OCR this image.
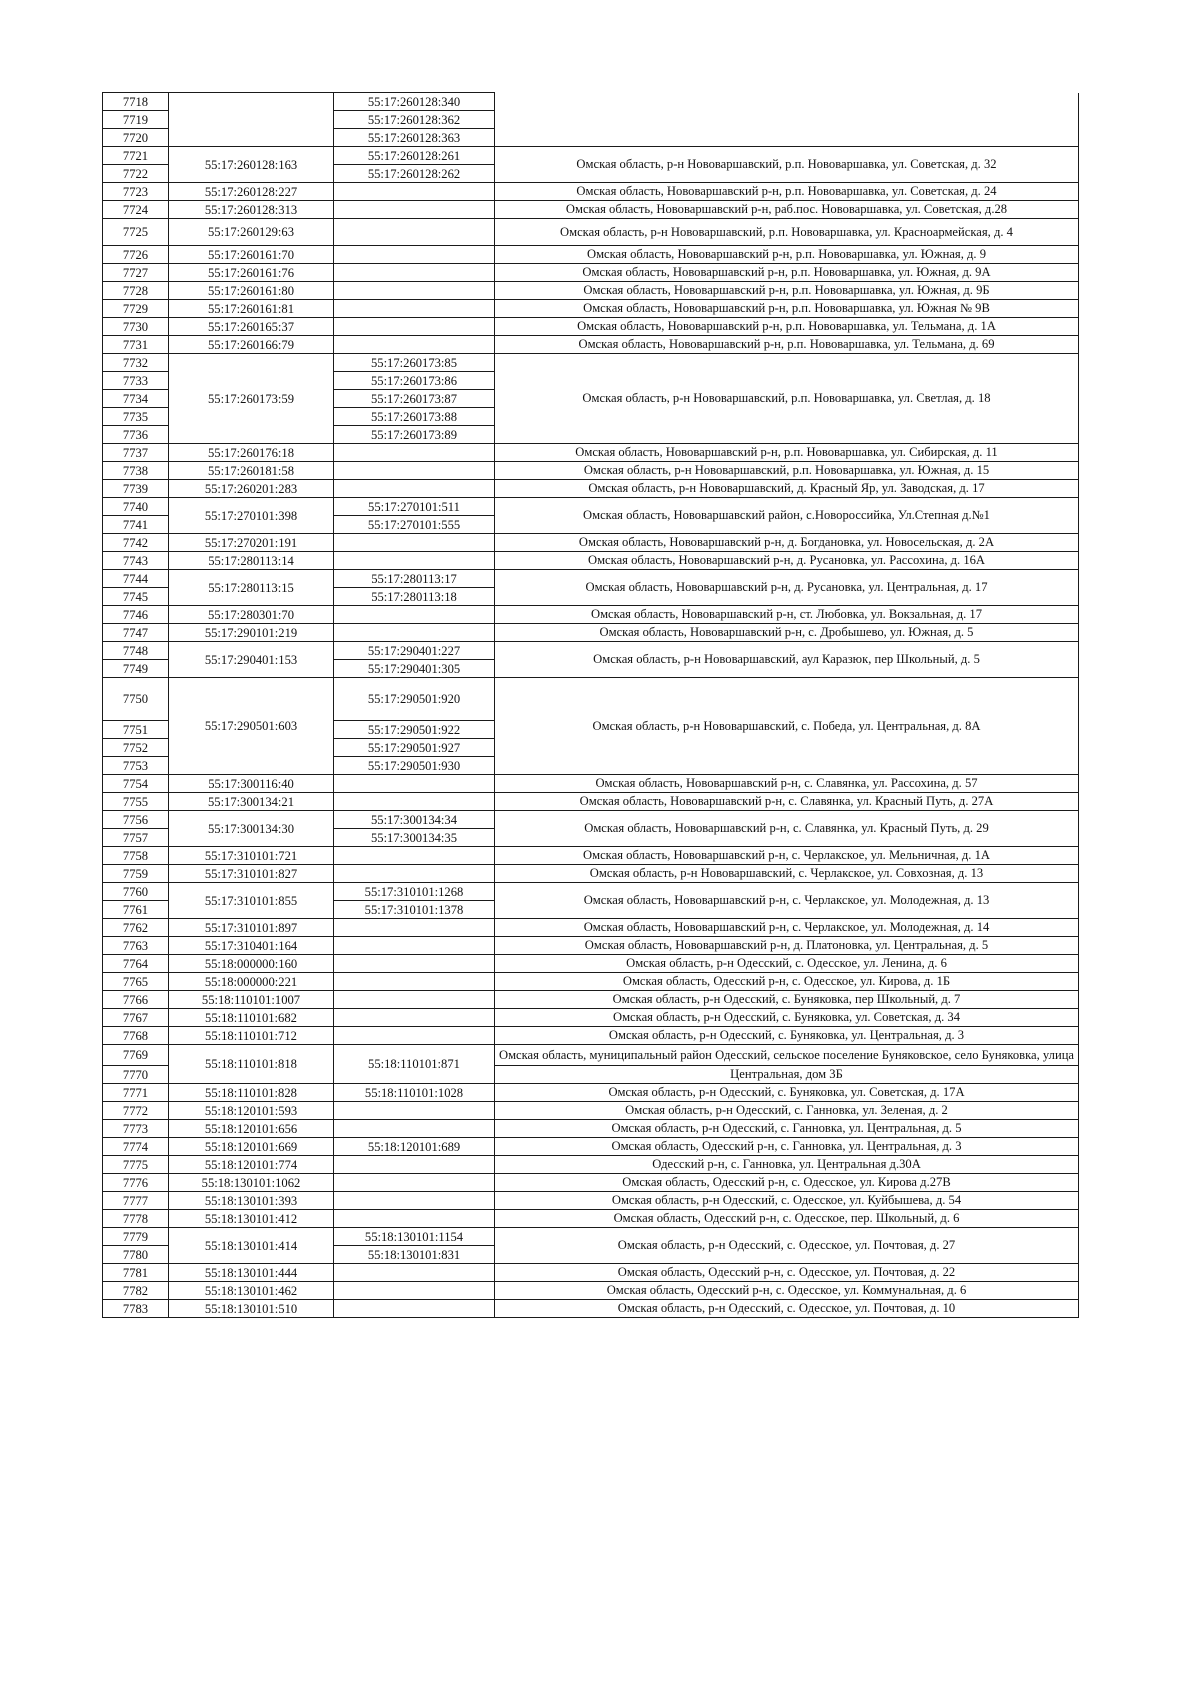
7718		55:17:260128:340	
7719		55:17:260128:362	
7720		55:17:260128:363	
7721	55:17:260128:163	55:17:260128:261	Омская область, р-н Нововаршавский, р.п. Нововаршавка, ул. Советская, д. 32
7722		55:17:260128:262	
7723	55:17:260128:227		Омская область, Нововаршавский р-н, р.п. Нововаршавка, ул. Советская, д. 24
7724	55:17:260128:313		Омская область, Нововаршавский р-н, раб.пос. Нововаршавка, ул. Советская, д.28
7725	55:17:260129:63		Омская область, р-н Нововаршавский, р.п. Нововаршавка, ул. Красноармейская, д. 4
7726	55:17:260161:70		Омская область, Нововаршавский р-н, р.п. Нововаршавка, ул. Южная, д. 9
7727	55:17:260161:76		Омская область, Нововаршавский р-н, р.п. Нововаршавка, ул. Южная, д. 9А
7728	55:17:260161:80		Омская область, Нововаршавский р-н, р.п. Нововаршавка, ул. Южная, д. 9Б
7729	55:17:260161:81		Омская область, Нововаршавский р-н, р.п. Нововаршавка, ул. Южная № 9В
7730	55:17:260165:37		Омская область, Нововаршавский р-н, р.п. Нововаршавка, ул. Тельмана, д. 1А
7731	55:17:260166:79		Омская область, Нововаршавский р-н, р.п. Нововаршавка, ул. Тельмана, д. 69
7732	55:17:260173:59	55:17:260173:85	Омская область, р-н Нововаршавский, р.п. Нововаршавка, ул. Светлая, д. 18
7733		55:17:260173:86	
7734		55:17:260173:87	
7735		55:17:260173:88	
7736		55:17:260173:89	
7737	55:17:260176:18		Омская область, Нововаршавский р-н, р.п. Нововаршавка, ул. Сибирская, д. 11
7738	55:17:260181:58		Омская область, р-н Нововаршавский, р.п. Нововаршавка, ул. Южная, д. 15
7739	55:17:260201:283		Омская область, р-н Нововаршавский, д. Красный Яр, ул. Заводская, д. 17
7740	55:17:270101:398	55:17:270101:511	Омская область, Нововаршавский район, с.Новороссийка, Ул.Степная д.№1
7741		55:17:270101:555	
7742	55:17:270201:191		Омская область, Нововаршавский р-н, д. Богдановка, ул. Новосельская, д. 2А
7743	55:17:280113:14		Омская область, Нововаршавский р-н, д. Русановка, ул. Рассохина, д. 16А
7744	55:17:280113:15	55:17:280113:17	Омская область, Нововаршавский р-н, д. Русановка, ул. Центральная, д. 17
7745		55:17:280113:18	
7746	55:17:280301:70		Омская область, Нововаршавский р-н, ст. Любовка, ул. Вокзальная, д. 17
7747	55:17:290101:219		Омская область, Нововаршавский р-н, с. Дробышево, ул. Южная, д. 5
7748	55:17:290401:153	55:17:290401:227	Омская область, р-н Нововаршавский, аул Каразюк, пер Школьный, д. 5
7749		55:17:290401:305	
7750	55:17:290501:603	55:17:290501:920	Омская область, р-н Нововаршавский, с. Победа, ул. Центральная, д. 8А
7751		55:17:290501:922	
7752		55:17:290501:927	
7753		55:17:290501:930	
7754	55:17:300116:40		Омская область, Нововаршавский р-н, с. Славянка, ул. Рассохина, д. 57
7755	55:17:300134:21		Омская область, Нововаршавский р-н, с. Славянка, ул. Красный Путь, д. 27А
7756	55:17:300134:30	55:17:300134:34	Омская область, Нововаршавский р-н, с. Славянка, ул. Красный Путь, д. 29
7757		55:17:300134:35	
7758	55:17:310101:721		Омская область, Нововаршавский р-н, с. Черлакское, ул. Мельничная, д. 1А
7759	55:17:310101:827		Омская область, р-н Нововаршавский, с. Черлакское, ул. Совхозная, д. 13
7760	55:17:310101:855	55:17:310101:1268	Омская область, Нововаршавский р-н, с. Черлакское, ул. Молодежная, д. 13
7761		55:17:310101:1378	
7762	55:17:310101:897		Омская область, Нововаршавский р-н, с. Черлакское, ул. Молодежная, д. 14
7763	55:17:310401:164		Омская область, Нововаршавский р-н, д. Платоновка, ул. Центральная, д. 5
7764	55:18:000000:160		Омская область, р-н Одесский, с. Одесское, ул. Ленина, д. 6
7765	55:18:000000:221		Омская область, Одесский р-н, с. Одесское, ул. Кирова, д. 1Б
7766	55:18:110101:1007		Омская область, р-н Одесский, с. Буняковка, пер Школьный, д. 7
7767	55:18:110101:682		Омская область, р-н Одесский, с. Буняковка, ул. Советская, д. 34
7768	55:18:110101:712		Омская область, р-н Одесский, с. Буняковка, ул. Центральная, д. 3
7769	55:18:110101:818	55:18:110101:871	Омская область, муниципальный район Одесский, сельское поселение Буняковское, село Буняковка, улица
7770			Центральная, дом 3Б
7771	55:18:110101:828	55:18:110101:1028	Омская область, р-н Одесский, с. Буняковка, ул. Советская, д. 17А
7772	55:18:120101:593		Омская область, р-н Одесский, с. Ганновка, ул. Зеленая, д. 2
7773	55:18:120101:656		Омская область, р-н Одесский, с. Ганновка, ул. Центральная, д. 5
7774	55:18:120101:669	55:18:120101:689	Омская область, Одесский р-н, с. Ганновка, ул. Центральная, д. 3
7775	55:18:120101:774		Одесский р-н, с. Ганновка, ул. Центральная д.30А
7776	55:18:130101:1062		Омская область, Одесский р-н, с. Одесское, ул. Кирова д.27В
7777	55:18:130101:393		Омская область, р-н Одесский, с. Одесское, ул. Куйбышева, д. 54
7778	55:18:130101:412		Омская область, Одесский р-н, с. Одесское, пер. Школьный, д. 6
7779	55:18:130101:414	55:18:130101:1154	Омская область, р-н Одесский, с. Одесское, ул. Почтовая, д. 27
7780		55:18:130101:831	
7781	55:18:130101:444		Омская область, Одесский р-н, с. Одесское, ул. Почтовая, д. 22
7782	55:18:130101:462		Омская область, Одесский р-н, с. Одесское, ул. Коммунальная, д. 6
7783	55:18:130101:510		Омская область, р-н Одесский, с. Одесское, ул. Почтовая, д. 10
